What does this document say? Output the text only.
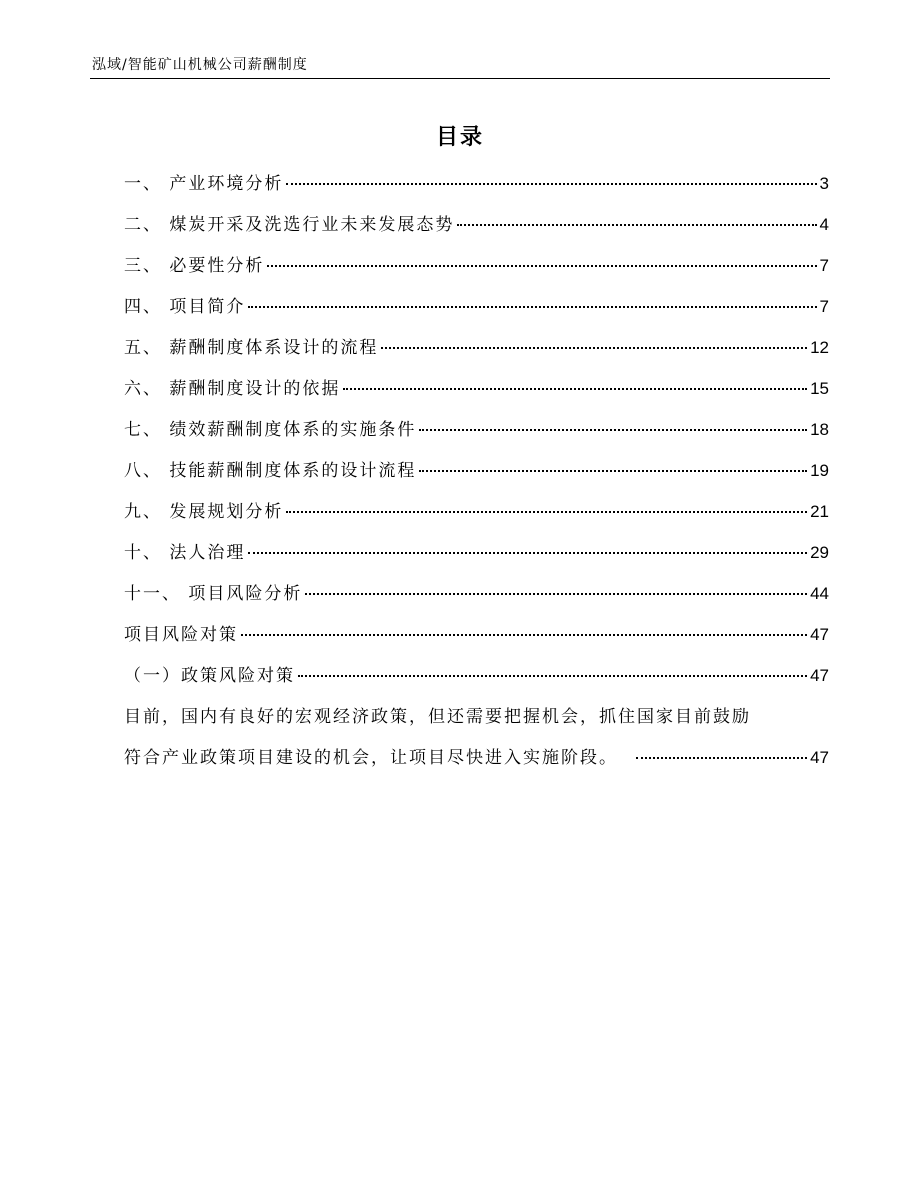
泓域/智能矿山机械公司薪酬制度
目录
一、 产业环境分析	3
二、 煤炭开采及洗选行业未来发展态势	4
三、 必要性分析	7
四、 项目简介	7
五、 薪酬制度体系设计的流程	12
六、 薪酬制度设计的依据	15
七、 绩效薪酬制度体系的实施条件	18
八、 技能薪酬制度体系的设计流程	19
九、 发展规划分析	21
十、 法人治理	29
十一、 项目风险分析	44
项目风险对策	47
（一）政策风险对策	47
目前，国内有良好的宏观经济政策，但还需要把握机会，抓住国家目前鼓励
符合产业政策项目建设的机会，让项目尽快进入实施阶段。	47
